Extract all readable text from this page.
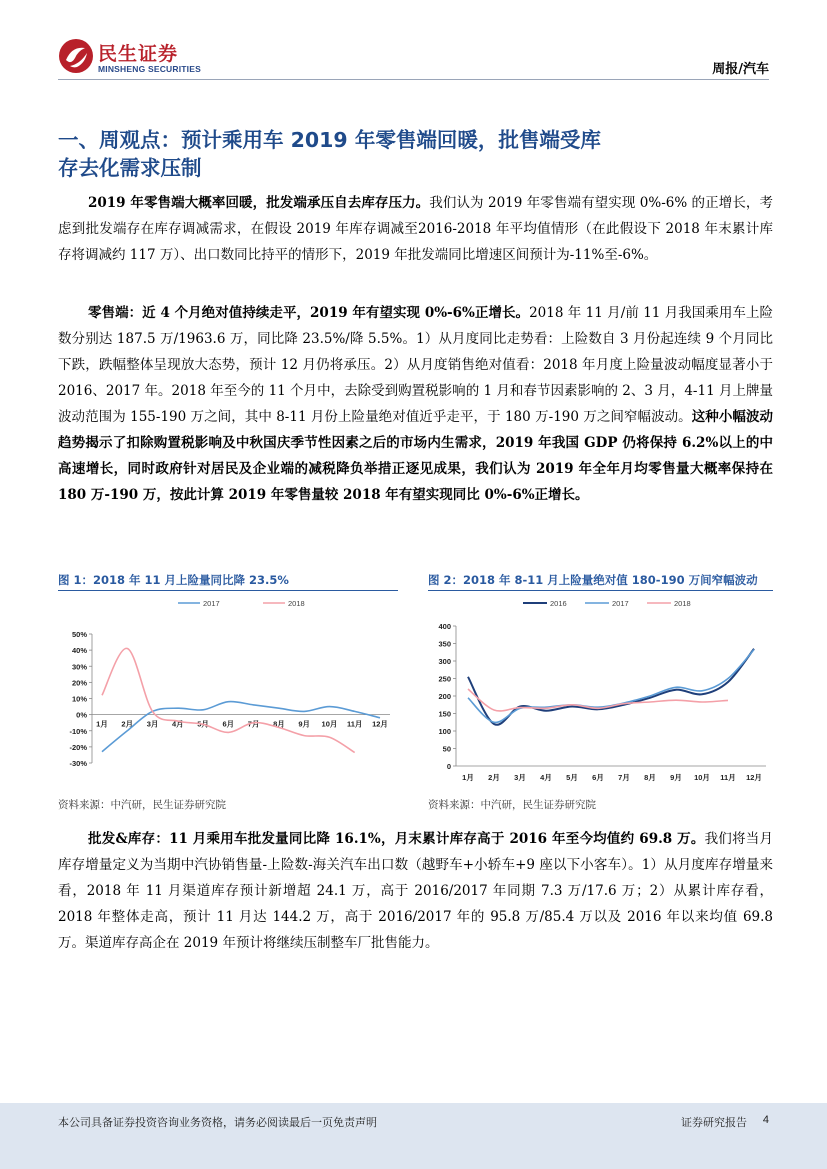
民生证券
MINSHENG SECURITIES	周报/汽车
一、周观点：预计乘用车 2019 年零售端回暖，批售端受库
存去化需求压制
2019 年零售端大概率回暖，批发端承压自去库存压力。我们认为 2019 年零售端有望实现 0%-6% 的正增长，考虑到批发端存在库存调减需求，在假设 2019 年库存调减至2016-2018 年平均值情形（在此假设下 2018 年末累计库存将调减约 117 万）、出口数同比持平的情形下，2019 年批发端同比增速区间预计为-11%至-6%。
零售端：近 4 个月绝对值持续走平，2019 年有望实现 0%-6%正增长。2018 年 11 月/前 11 月我国乘用车上险数分别达 187.5 万/1963.6 万，同比降 23.5%/降 5.5%。1）从月度同比走势看：上险数自 3 月份起连续 9 个月同比下跌，跌幅整体呈现放大态势，预计 12 月仍将承压。2）从月度销售绝对值看：2018 年月度上险量波动幅度显著小于 2016、2017 年。2018 年至今的 11 个月中，去除受到购置税影响的 1 月和春节因素影响的 2、3 月，4-11 月上牌量波动范围为 155-190 万之间，其中 8-11 月份上险量绝对值近乎走平，于 180 万-190 万之间窄幅波动。这种小幅波动趋势揭示了扣除购置税影响及中秋国庆季节性因素之后的市场内生需求，2019 年我国 GDP 仍将保持 6.2%以上的中高速增长，同时政府针对居民及企业端的减税降负举措正逐见成果，我们认为 2019 年全年月均零售量大概率保持在 180 万-190 万，按此计算 2019 年零售量较 2018 年有望实现同比 0%-6%正增长。
图 1：2018 年 11 月上险量同比降 23.5%
2017	2018
-30%
-20%
-10%
0%
10%
20%
30%
40%
50%
1月 2月 3月 4月 5月 6月 7月 8月 9月 10月 11月 12月
资料来源：中汽研，民生证券研究院
图 2：2018 年 8-11 月上险量绝对值 180-190 万间窄幅波动
2016	2017	2018
0
50
100
150
200
250
300
350
400
1月 2月 3月 4月 5月 6月 7月 8月 9月 10月 11月 12月
资料来源：中汽研，民生证券研究院
批发&库存：11 月乘用车批发量同比降 16.1%，月末累计库存高于 2016 年至今均值约 69.8 万。我们将当月库存增量定义为当期中汽协销售量-上险数-海关汽车出口数（越野车+小轿车+9 座以下小客车）。1）从月度库存增量来看，2018 年 11 月渠道库存预计新增超 24.1 万，高于 2016/2017 年同期 7.3 万/17.6 万；2）从累计库存看，2018 年整体走高，预计 11 月达 144.2 万，高于 2016/2017 年的 95.8 万/85.4 万以及 2016 年以来均值 69.8 万。渠道库存高企在 2019 年预计将继续压制整车厂批售能力。
本公司具备证券投资咨询业务资格，请务必阅读最后一页免责声明	证券研究报告 4
